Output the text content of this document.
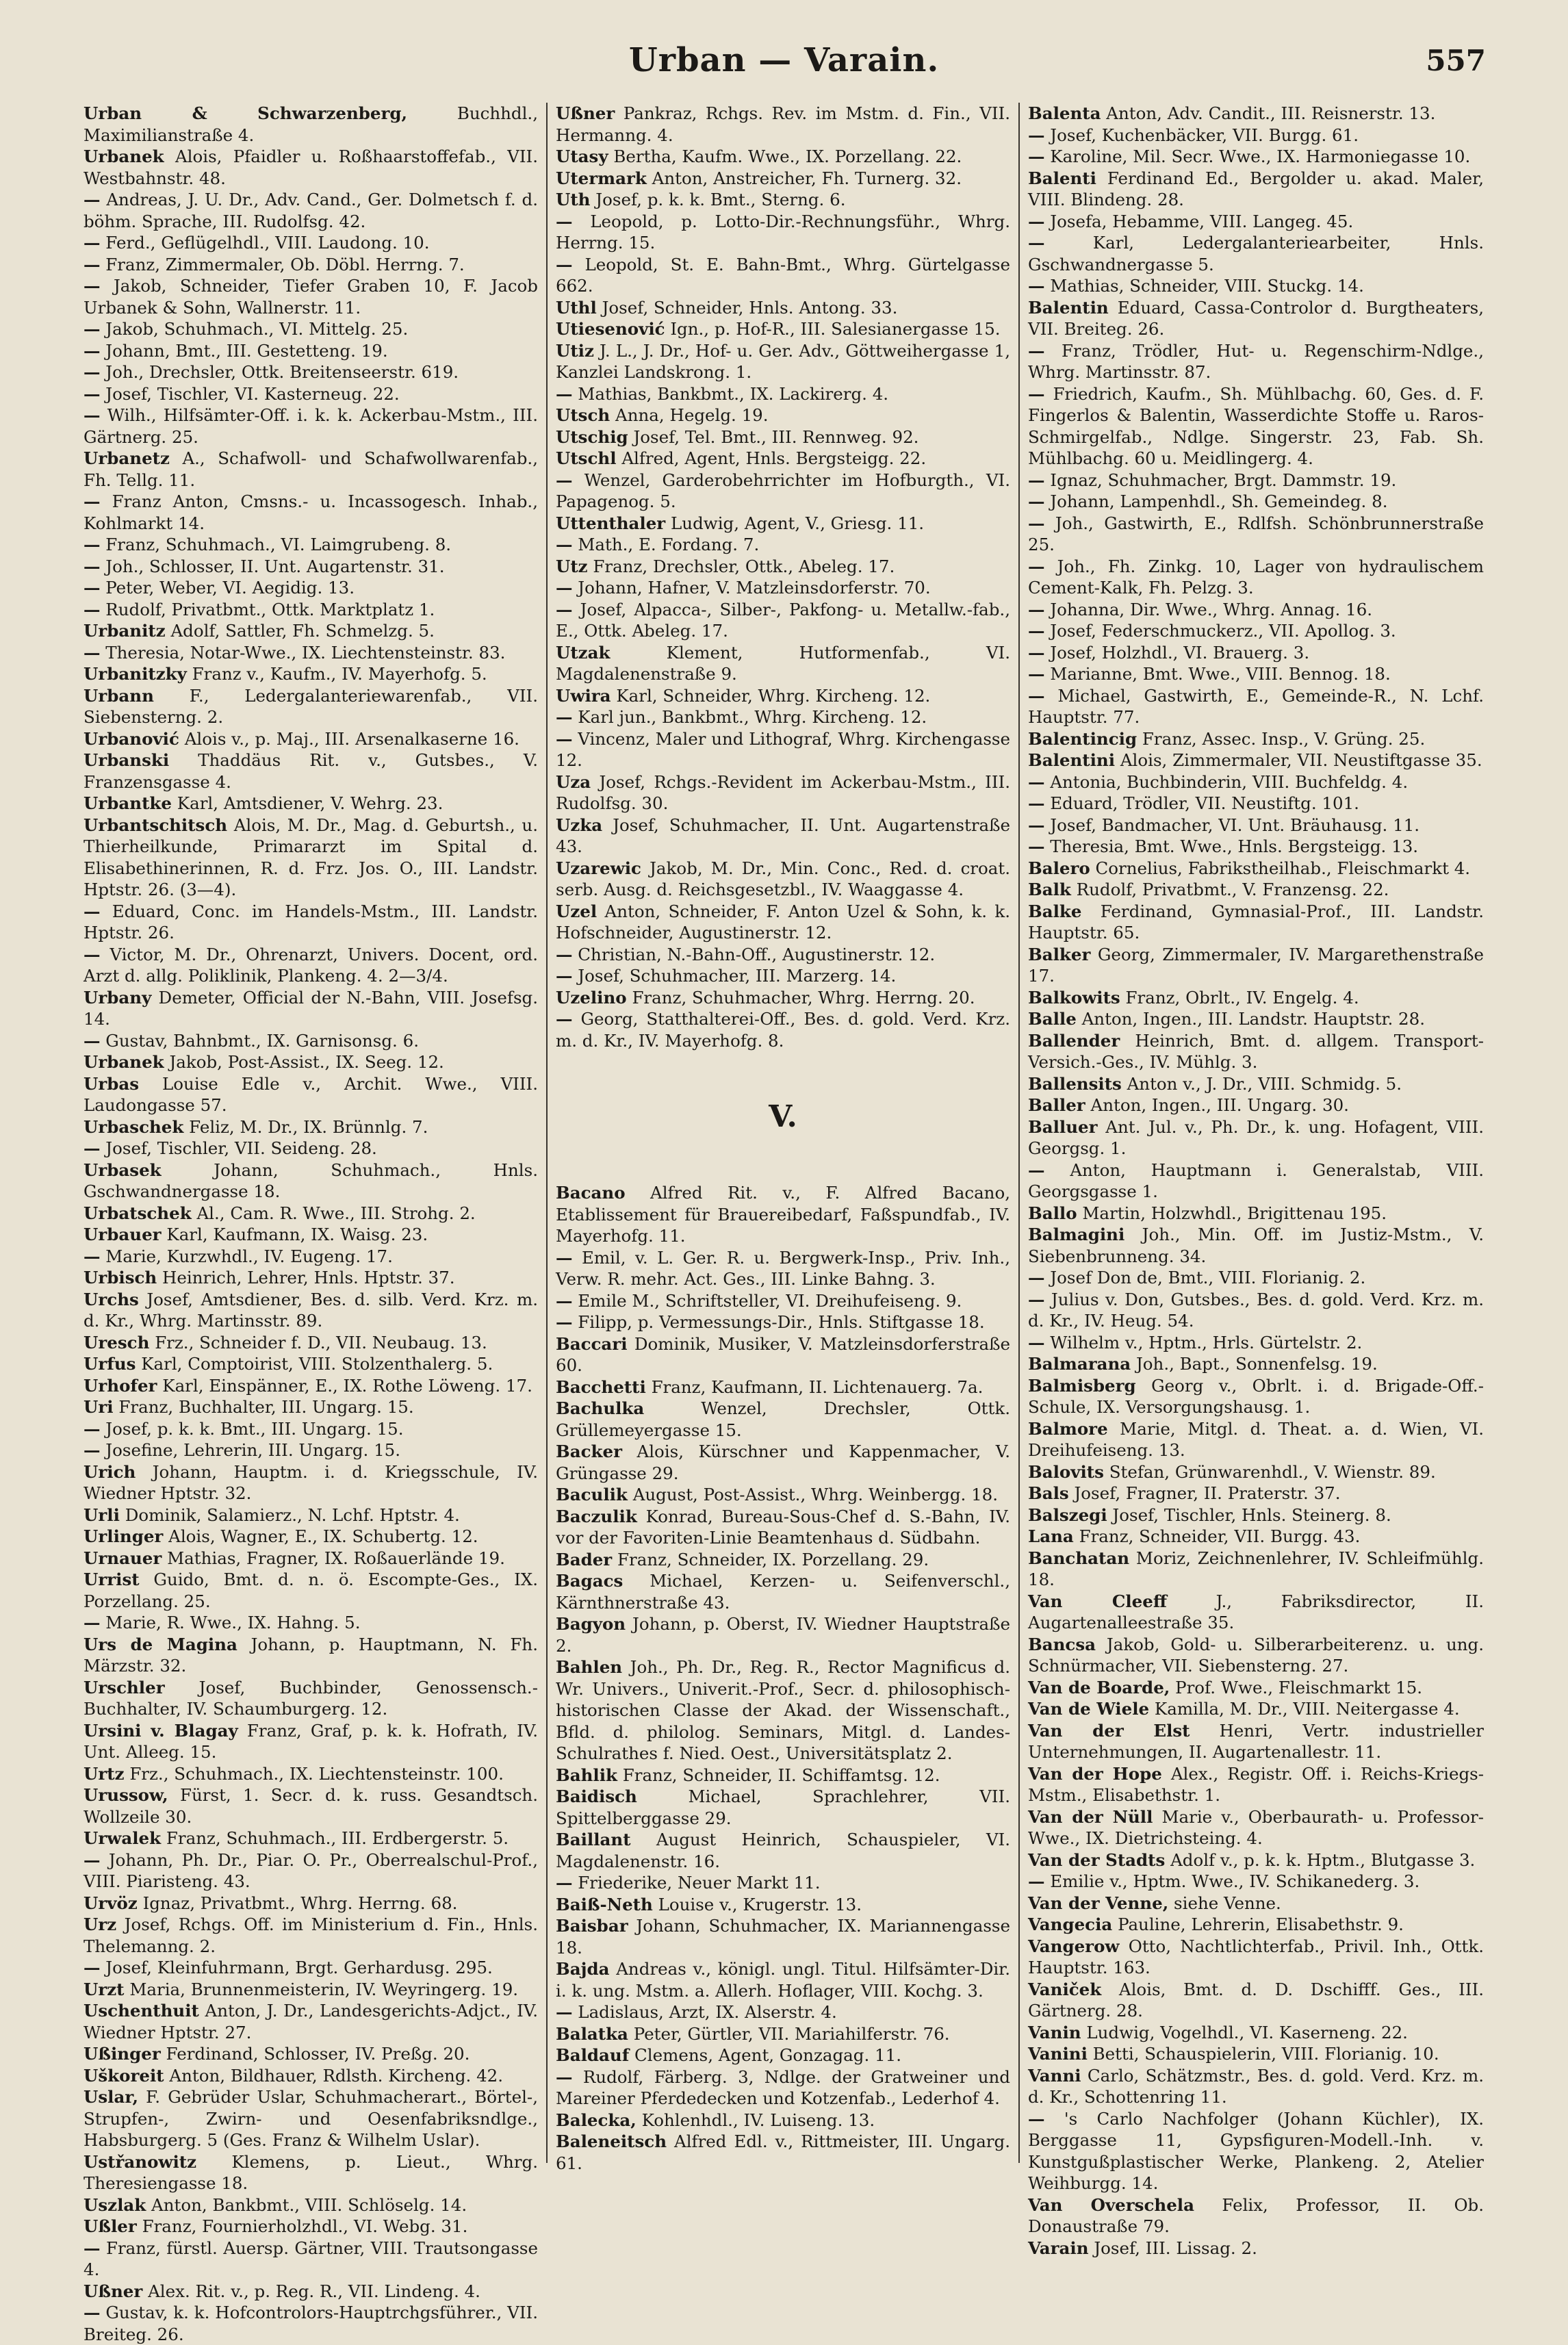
Urban — Varain.	557

Urban & Schwarzenberg,	Buchhdl., Maximilianstraße 4.

Urbanek Alois, Pfaidler u. Roßhaarstoffefab., VII. Westbahnstr. 48.

— Andreas, J. U. Dr., Adv. Cand., Ger. Dolmetsch f. d. böhm. Sprache, III. Rudolfsg. 42.

— Ferd., Geflügelhdl., VIII. Laudong. 10.

— Franz, Zimmermaler, Ob. Döbl. Herrng. 7.

— Jakob, Schneider, Tiefer Graben 10, F. Jacob Urbanek & Sohn, Wallnerstr. 11.

— Jakob, Schuhmach., VI. Mittelg. 25.

— Johann, Bmt., III. Gestetteng. 19.

— Joh., Drechsler, Ottk. Breitenseerstr. 619.

— Josef, Tischler, VI. Kasterneug. 22.

— Wilh., Hilfsämter-Off. i. k. k. Ackerbau-Mstm., III. Gärtnerg. 25.

Urbanetz A., Schafwoll- und Schafwollwarenfab., Fh. Tellg. 11.

— Franz Anton, Cmsns.- u. Incassogesch. Inhab., Kohlmarkt 14.

— Franz, Schuhmach., VI. Laimgrubeng. 8.

— Joh., Schlosser, II. Unt. Augartenstr. 31.

— Peter, Weber, VI. Aegidig. 13.

— Rudolf, Privatbmt., Ottk. Marktplatz 1.

Urbanitz Adolf, Sattler, Fh. Schmelzg. 5.

— Theresia, Notar-Wwe., IX. Liechtensteinstr. 83.

Urbanitzky Franz v., Kaufm., IV. Mayerhofg. 5.

Urbann F., Ledergalanteriewarenfab., VII. Siebensterng. 2.

Urbanović Alois v., p. Maj., III. Arsenalkaserne 16.

Urbanski Thaddäus Rit. v., Gutsbes., V. Franzensgasse 4.

Urbantke Karl, Amtsdiener, V. Wehrg. 23.

Urbantschitsch Alois, M. Dr., Mag. d. Geburtsh., u. Thierheilkunde, Primararzt im Spital d. Elisabethinerinnen, R. d. Frz. Jos. O., III. Landstr. Hptstr. 26. (3—4).

— Eduard, Conc. im Handels-Mstm., III. Landstr. Hptstr. 26.

— Victor, M. Dr., Ohrenarzt, Univers. Docent, ord. Arzt d. allg. Poliklinik, Plankeng. 4. 2—3/4.

Urbany Demeter, Official der N.-Bahn, VIII. Josefsg. 14.

— Gustav, Bahnbmt., IX. Garnisonsg. 6.

Urbanek Jakob, Post-Assist., IX. Seeg. 12.

Urbas Louise Edle v., Archit. Wwe., VIII. Laudongasse 57.

Urbaschek Feliz, M. Dr., IX. Brünnlg. 7.

— Josef, Tischler, VII. Seideng. 28.

Urbasek	Johann, Schuhmach., Hnls. Gschwandnergasse 18.

Urbatschek Al., Cam. R. Wwe., III. Strohg. 2.

Urbauer Karl, Kaufmann, IX. Waisg. 23.

— Marie, Kurzwhdl., IV. Eugeng. 17.

Urbisch Heinrich, Lehrer, Hnls. Hptstr. 37.

Urchs Josef, Amtsdiener, Bes. d. silb. Verd. Krz. m. d. Kr., Whrg. Martinsstr. 89.

Uresch Frz., Schneider f. D., VII. Neubaug. 13.

Urfus Karl, Comptoirist, VIII. Stolzenthalerg. 5.

Urhofer Karl, Einspänner, E., IX. Rothe Löweng. 17.

Uri Franz, Buchhalter, III. Ungarg. 15.

— Josef, p. k. k. Bmt., III. Ungarg. 15.

— Josefine, Lehrerin, III. Ungarg. 15.

Urich Johann, Hauptm. i. d. Kriegsschule, IV. Wiedner Hptstr. 32.

Urli Dominik, Salamierz., N. Lchf. Hptstr. 4.

Urlinger Alois, Wagner, E., IX. Schubertg. 12.

Urnauer Mathias, Fragner, IX. Roßauerlände 19.

Urrist Guido, Bmt. d. n. ö. Escompte-Ges., IX. Porzellang. 25.

— Marie, R. Wwe., IX. Hahng. 5.

Urs de Magina Johann, p. Hauptmann, N. Fh. Märzstr. 32.

Urschler Josef, Buchbinder, Genossensch.-Buchhalter, IV. Schaumburgerg. 12.

Ursini v. Blagay Franz, Graf, p. k. k. Hofrath, IV. Unt. Alleeg. 15.

Urtz Frz., Schuhmach., IX. Liechtensteinstr. 100.

Urussow, Fürst, 1. Secr. d. k. russ. Gesandtsch. Wollzeile 30.

Urwalek Franz, Schuhmach., III. Erdbergerstr. 5.

— Johann, Ph. Dr., Piar. O. Pr., Oberrealschul-Prof., VIII. Piaristeng. 43.

Urvöz Ignaz, Privatbmt., Whrg. Herrng. 68.

Urz Josef, Rchgs. Off. im Ministerium d. Fin., Hnls. Thelemanng. 2.

— Josef, Kleinfuhrmann, Brgt. Gerhardusg. 295.

Urzt Maria, Brunnenmeisterin, IV. Weyringerg. 19.

Uschenthuit Anton, J. Dr., Landesgerichts-Adjct., IV. Wiedner Hptstr. 27.

Ußinger Ferdinand, Schlosser, IV. Preßg. 20.

Uškoreit Anton, Bildhauer, Rdlsth. Kircheng. 42.

Uslar, F. Gebrüder Uslar, Schuhmacherart., Börtel-, Strupfen-, Zwirn- und Oesenfabriksndlge., Habsburgerg. 5 (Ges. Franz & Wilhelm Uslar).

Ustřanowitz Klemens, p. Lieut., Whrg. Theresiengasse 18.

Uszlak Anton, Bankbmt., VIII. Schlöselg. 14.

Ußler Franz, Fournierholzhdl., VI. Webg. 31.

— Franz, fürstl. Auersp. Gärtner, VIII. Trautsongasse 4.

Ußner Alex. Rit. v., p. Reg. R., VII. Lindeng. 4.

— Gustav, k. k. Hofcontrolors-Hauptrchgsführer., VII. Breiteg. 26.

Ußner Pankraz, Rchgs. Rev. im Mstm. d. Fin., VII. Hermanng. 4.

Utasy Bertha, Kaufm. Wwe., IX. Porzellang. 22.

Utermark Anton, Anstreicher, Fh. Turnerg. 32.

Uth Josef, p. k. k. Bmt., Sterng. 6.

— Leopold, p. Lotto-Dir.-Rechnungsführ., Whrg. Herrng. 15.

— Leopold, St. E. Bahn-Bmt., Whrg. Gürtelgasse 662.

Uthl Josef, Schneider, Hnls. Antong. 33.

Utiesenović Ign., p. Hof-R., III. Salesianergasse 15.

Utiz J. L., J. Dr., Hof- u. Ger. Adv., Göttweihergasse 1, Kanzlei Landskrong. 1.

— Mathias, Bankbmt., IX. Lackirerg. 4.

Utsch Anna, Hegelg. 19.

Utschig Josef, Tel. Bmt., III. Rennweg. 92.

Utschl Alfred, Agent, Hnls. Bergsteigg. 22.

— Wenzel, Garderobehrrichter im Hofburgth., VI. Papagenog. 5.

Uttenthaler Ludwig, Agent, V., Griesg. 11.

— Math., E. Fordang. 7.

Utz Franz, Drechsler, Ottk., Abeleg. 17.

— Johann, Hafner, V. Matzleinsdorferstr. 70.

— Josef, Alpacca-, Silber-, Pakfong- u. Metallw.-fab., E., Ottk. Abeleg. 17.

Utzak	Klement, Hutformenfab., VI. Magdalenenstraße 9.

Uwira Karl, Schneider, Whrg. Kircheng. 12.

— Karl jun., Bankbmt., Whrg. Kircheng. 12.

— Vincenz, Maler und Lithograf, Whrg. Kirchengasse 12.

Uza Josef, Rchgs.-Revident im Ackerbau-Mstm., III. Rudolfsg. 30.

Uzka Josef, Schuhmacher, II. Unt. Augartenstraße 43.

Uzarewic Jakob, M. Dr., Min. Conc., Red. d. croat. serb. Ausg. d. Reichsgesetzbl., IV. Waaggasse 4.

Uzel Anton, Schneider, F. Anton Uzel & Sohn, k. k. Hofschneider, Augustinerstr. 12.

— Christian, N.-Bahn-Off., Augustinerstr. 12.

— Josef, Schuhmacher, III. Marzerg. 14.

Uzelino Franz, Schuhmacher, Whrg. Herrng. 20.

— Georg, Statthalterei-Off., Bes. d. gold. Verd. Krz. m. d. Kr., IV. Mayerhofg. 8.

V.

Bacano Alfred Rit. v., F. Alfred Bacano, Etablissement für Brauereibedarf, Faßspundfab., IV. Mayerhofg. 11.

— Emil, v. L. Ger. R. u. Bergwerk-Insp., Priv. Inh., Verw. R. mehr. Act. Ges., III. Linke Bahng. 3.

— Emile M., Schriftsteller, VI. Dreihufeiseng. 9.

— Filipp, p. Vermessungs-Dir., Hnls. Stiftgasse 18.

Baccari Dominik, Musiker, V. Matzleinsdorferstraße 60.

Bacchetti Franz, Kaufmann, II. Lichtenauerg. 7a.

Bachulka	Wenzel, Drechsler, Ottk. Grüllemeyergasse 15.

Backer Alois, Kürschner und Kappenmacher, V. Grüngasse 29.

Baculik August, Post-Assist., Whrg. Weinbergg. 18.

Baczulik Konrad, Bureau-Sous-Chef d. S.-Bahn, IV. vor der Favoriten-Linie Beamtenhaus d. Südbahn.

Bader Franz, Schneider, IX. Porzellang. 29.

Bagacs Michael, Kerzen- u. Seifenverschl., Kärnthnerstraße 43.

Bagyon Johann, p. Oberst, IV. Wiedner Hauptstraße 2.

Bahlen Joh., Ph. Dr., Reg. R., Rector Magnificus d. Wr. Univers., Univerit.-Prof., Secr. d. philosophisch-historischen Classe der Akad. der Wissenschaft., Bfld. d. philolog. Seminars, Mitgl. d. Landes-Schulrathes f. Nied. Oest., Universitätsplatz 2.

Bahlik Franz, Schneider, II. Schiffamtsg. 12.

Baidisch	Michael, Sprachlehrer, VII. Spittelberggasse 29.

Baillant August Heinrich, Schauspieler, VI. Magdalenenstr. 16.

— Friederike, Neuer Markt 11.

Baiß-Neth Louise v., Krugerstr. 13.

Baisbar Johann, Schuhmacher, IX. Mariannengasse 18.

Bajda Andreas v., königl. ungl. Titul. Hilfsämter-Dir. i. k. ung. Mstm. a. Allerh. Hoflager, VIII. Kochg. 3.

— Ladislaus, Arzt, IX. Alserstr. 4.

Balatka Peter, Gürtler, VII. Mariahilferstr. 76.

Baldauf Clemens, Agent, Gonzagag. 11.

— Rudolf, Färberg. 3, Ndlge. der Gratweiner und Mareiner Pferdedecken und Kotzenfab., Lederhof 4.

Balecka, Kohlenhdl., IV. Luiseng. 13.

Baleneitsch Alfred Edl. v., Rittmeister, III. Ungarg. 61.

Balenta Anton, Adv. Candit., III. Reisnerstr. 13.

— Josef, Kuchenbäcker, VII. Burgg. 61.

— Karoline, Mil. Secr. Wwe., IX. Harmoniegasse 10.

Balenti Ferdinand Ed., Bergolder u. akad. Maler, VIII. Blindeng. 28.

— Josefa, Hebamme, VIII. Langeg. 45.

—	Karl, Ledergalanteriearbeiter, Hnls. Gschwandnergasse 5.

— Mathias, Schneider, VIII. Stuckg. 14.

Balentin Eduard, Cassa-Controlor d. Burgtheaters, VII. Breiteg. 26.

— Franz, Trödler, Hut- u. Regenschirm-Ndlge., Whrg. Martinsstr. 87.

— Friedrich, Kaufm., Sh. Mühlbachg. 60, Ges. d. F. Fingerlos & Balentin, Wasserdichte Stoffe u. Raros-Schmirgelfab., Ndlge. Singerstr. 23, Fab. Sh. Mühlbachg. 60 u. Meidlingerg. 4.

— Ignaz, Schuhmacher, Brgt. Dammstr. 19.

— Johann, Lampenhdl., Sh. Gemeindeg. 8.

— Joh., Gastwirth, E., Rdlfsh. Schönbrunnerstraße 25.

— Joh., Fh. Zinkg. 10, Lager von hydraulischem Cement-Kalk, Fh. Pelzg. 3.

— Johanna, Dir. Wwe., Whrg. Annag. 16.

— Josef, Federschmuckerz., VII. Apollog. 3.

— Josef, Holzhdl., VI. Brauerg. 3.

— Marianne, Bmt. Wwe., VIII. Bennog. 18.

— Michael, Gastwirth, E., Gemeinde-R., N. Lchf. Hauptstr. 77.

Balentincig Franz, Assec. Insp., V. Grüng. 25.

Balentini Alois, Zimmermaler, VII. Neustiftgasse 35.

— Antonia, Buchbinderin, VIII. Buchfeldg. 4.

— Eduard, Trödler, VII. Neustiftg. 101.

— Josef, Bandmacher, VI. Unt. Bräuhausg. 11.

— Theresia, Bmt. Wwe., Hnls. Bergsteigg. 13.

Balero Cornelius, Fabrikstheilhab., Fleischmarkt 4.

Balk Rudolf, Privatbmt., V. Franzensg. 22.

Balke Ferdinand, Gymnasial-Prof., III. Landstr. Hauptstr. 65.

Balker Georg, Zimmermaler, IV. Margarethenstraße 17.

Balkowits Franz, Obrlt., IV. Engelg. 4.

Balle Anton, Ingen., III. Landstr. Hauptstr. 28.

Ballender Heinrich, Bmt. d. allgem. Transport-Versich.-Ges., IV. Mühlg. 3.

Ballensits Anton v., J. Dr., VIII. Schmidg. 5.

Baller Anton, Ingen., III. Ungarg. 30.

Balluer Ant. Jul. v., Ph. Dr., k. ung. Hofagent, VIII. Georgsg. 1.

— Anton, Hauptmann i. Generalstab, VIII. Georgsgasse 1.

Ballo Martin, Holzwhdl., Brigittenau 195.

Balmagini Joh., Min. Off. im Justiz-Mstm., V. Siebenbrunneng. 34.

— Josef Don de, Bmt., VIII. Florianig. 2.

— Julius v. Don, Gutsbes., Bes. d. gold. Verd. Krz. m. d. Kr., IV. Heug. 54.

— Wilhelm v., Hptm., Hrls. Gürtelstr. 2.

Balmarana Joh., Bapt., Sonnenfelsg. 19.

Balmisberg Georg v., Obrlt. i. d. Brigade-Off.-Schule, IX. Versorgungshausg. 1.

Balmore Marie, Mitgl. d. Theat. a. d. Wien, VI. Dreihufeiseng. 13.

Balovits Stefan, Grünwarenhdl., V. Wienstr. 89.

Bals Josef, Fragner, II. Praterstr. 37.

Balszegi Josef, Tischler, Hnls. Steinerg. 8.

Lana Franz, Schneider, VII. Burgg. 43.

Banchatan Moriz, Zeichnenlehrer, IV. Schleifmühlg. 18.

Van Cleeff	J., Fabriksdirector, II. Augartenalleestraße 35.

Bancsa Jakob, Gold- u. Silberarbeiterenz. u. ung. Schnürmacher, VII. Siebensterng. 27.

Van de Boarde, Prof. Wwe., Fleischmarkt 15.

Van de Wiele Kamilla, M. Dr., VIII. Neitergasse 4.

Van der Elst Henri, Vertr. industrieller Unternehmungen, II. Augartenallestr. 11.

Van der Hope Alex., Registr. Off. i. Reichs-Kriegs-Mstm., Elisabethstr. 1.

Van der Nüll Marie v., Oberbaurath- u. Professor-Wwe., IX. Dietrichsteing. 4.

Van der Stadts Adolf v., p. k. k. Hptm., Blutgasse 3.

— Emilie v., Hptm. Wwe., IV. Schikanederg. 3.

Van der Venne, siehe Venne.

Vangecia Pauline, Lehrerin, Elisabethstr. 9.

Vangerow Otto, Nachtlichterfab., Privil. Inh., Ottk. Hauptstr. 163.

Vaniček Alois, Bmt. d. D. Dschifff. Ges., III. Gärtnerg. 28.

Vanin Ludwig, Vogelhdl., VI. Kaserneng. 22.

Vanini Betti, Schauspielerin, VIII. Florianig. 10.

Vanni Carlo, Schätzmstr., Bes. d. gold. Verd. Krz. m. d. Kr., Schottenring 11.

— 's Carlo Nachfolger (Johann Küchler), IX. Berggasse 11, Gypsfiguren-Modell.-Inh. v. Kunstgußplastischer Werke, Plankeng. 2, Atelier Weihburgg. 14.

Van Overschela Felix, Professor, II. Ob. Donaustraße 79.

Varain Josef, III. Lissag. 2.
